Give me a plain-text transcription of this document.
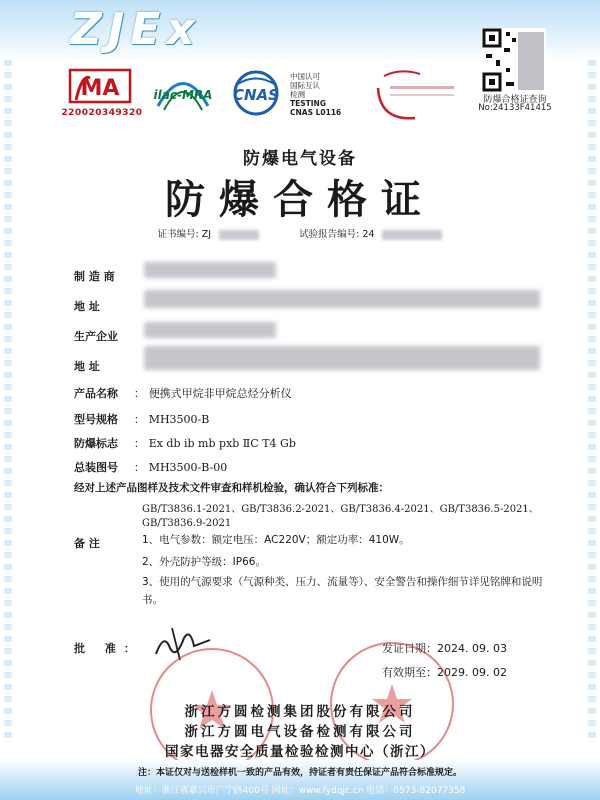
ZJEx
MA
220020349320
ilac-MRA	CNAS
中国认可
国际互认
检测
TESTING
CNAS L0116
防爆合格证查询
No:24133F41415
防爆电气设备
防爆合格证
证书编号: ZJ	试验报告编号: 24
制 造 商
地 址
生产企业
地 址
产品名称 ： 便携式甲烷非甲烷总烃分析仪
型号规格 ： MH3500-B
防爆标志 ： Ex db ib mb pxb ⅡC T4 Gb
总装图号 ： MH3500-B-00
经对上述产品图样及技术文件审查和样机检验，确认符合下列标准：
GB/T3836.1-2021、GB/T3836.2-2021、GB/T3836.4-2021、GB/T3836.5-2021、
GB/T3836.9-2021
备 注	1、电气参数：额定电压：AC220V；额定功率：410W。
2、外壳防护等级：IP66。
3、使用的气源要求（气源种类、压力、流量等）、安全警告和操作细节详见铭牌和说明书。
批 准：	发证日期：2024. 09. 03
有效期至：2029. 09. 02
浙江方圆检测集团股份有限公司
浙江方圆电气设备检测有限公司
国家电器安全质量检验检测中心（浙江）
注：本证仅对与送检样机一致的产品有效，持证者有责任保证产品符合标准规定。
地址：浙江省嘉兴市广宁路400号 网址：www.fydqjc.cn 电话：0573-82077358
